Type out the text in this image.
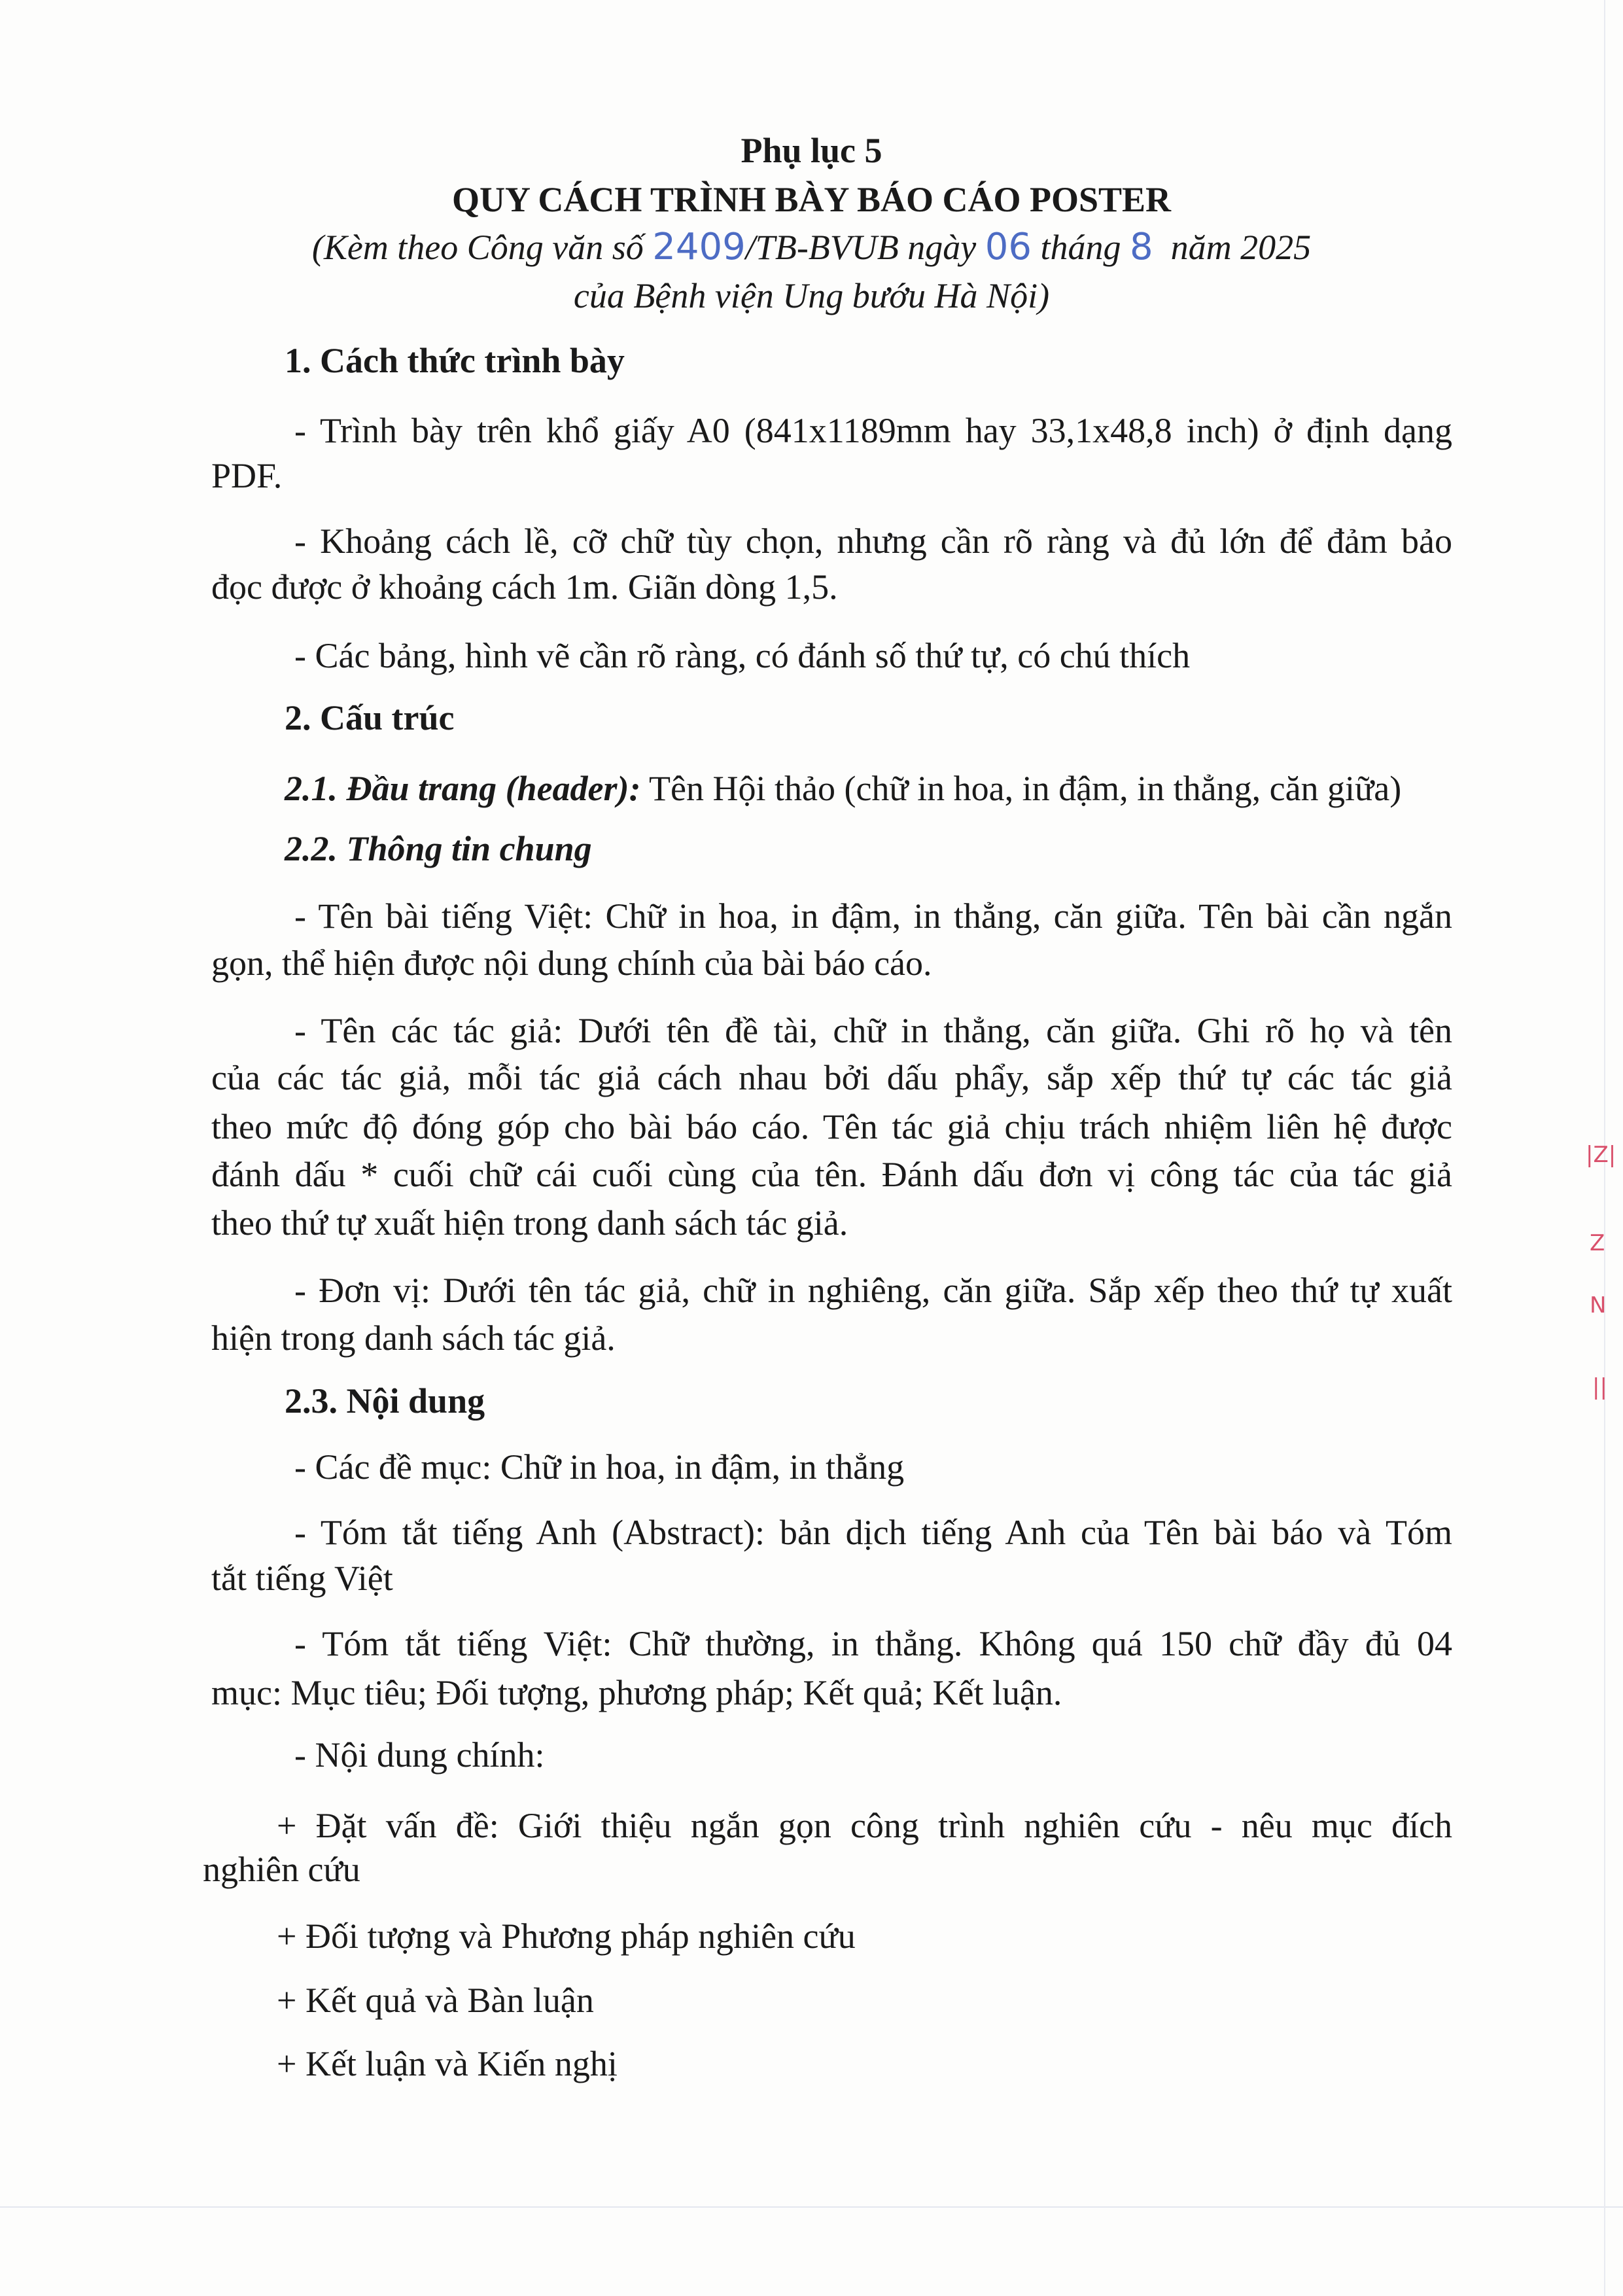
|Z|
Z
N
||
Phụ lục 5
QUY CÁCH TRÌNH BÀY BÁO CÁO POSTER
(Kèm theo Công văn số 2409/TB-BVUB ngày 06 tháng 8  năm 2025
của Bệnh viện Ung bướu Hà Nội)
1. Cách thức trình bày
- Trình bày trên khổ giấy A0 (841x1189mm hay 33,1x48,8 inch) ở định dạng
PDF.
- Khoảng cách lề, cỡ chữ tùy chọn, nhưng cần rõ ràng và đủ lớn để đảm bảo
đọc được ở khoảng cách 1m. Giãn dòng 1,5.
- Các bảng, hình vẽ cần rõ ràng, có đánh số thứ tự, có chú thích
2. Cấu trúc
2.1. Đầu trang (header): Tên Hội thảo (chữ in hoa, in đậm, in thẳng, căn giữa)
2.2. Thông tin chung
- Tên bài tiếng Việt: Chữ in hoa, in đậm, in thẳng, căn giữa. Tên bài cần ngắn
gọn, thể hiện được nội dung chính của bài báo cáo.
- Tên các tác giả: Dưới tên đề tài, chữ in thẳng, căn giữa. Ghi rõ họ và tên
của các tác giả, mỗi tác giả cách nhau bởi dấu phẩy, sắp xếp thứ tự các tác giả
theo mức độ đóng góp cho bài báo cáo. Tên tác giả chịu trách nhiệm liên hệ được
đánh dấu * cuối chữ cái cuối cùng của tên. Đánh dấu đơn vị công tác của tác giả
theo thứ tự xuất hiện trong danh sách tác giả.
- Đơn vị: Dưới tên tác giả, chữ in nghiêng, căn giữa. Sắp xếp theo thứ tự xuất
hiện trong danh sách tác giả.
2.3. Nội dung
- Các đề mục: Chữ in hoa, in đậm, in thẳng
- Tóm tắt tiếng Anh (Abstract): bản dịch tiếng Anh của Tên bài báo và Tóm
tắt tiếng Việt
- Tóm tắt tiếng Việt: Chữ thường, in thẳng. Không quá 150 chữ đầy đủ 04
mục: Mục tiêu; Đối tượng, phương pháp; Kết quả; Kết luận.
- Nội dung chính:
+ Đặt vấn đề: Giới thiệu ngắn gọn công trình nghiên cứu - nêu mục đích
nghiên cứu
+ Đối tượng và Phương pháp nghiên cứu
+ Kết quả và Bàn luận
+ Kết luận và Kiến nghị
